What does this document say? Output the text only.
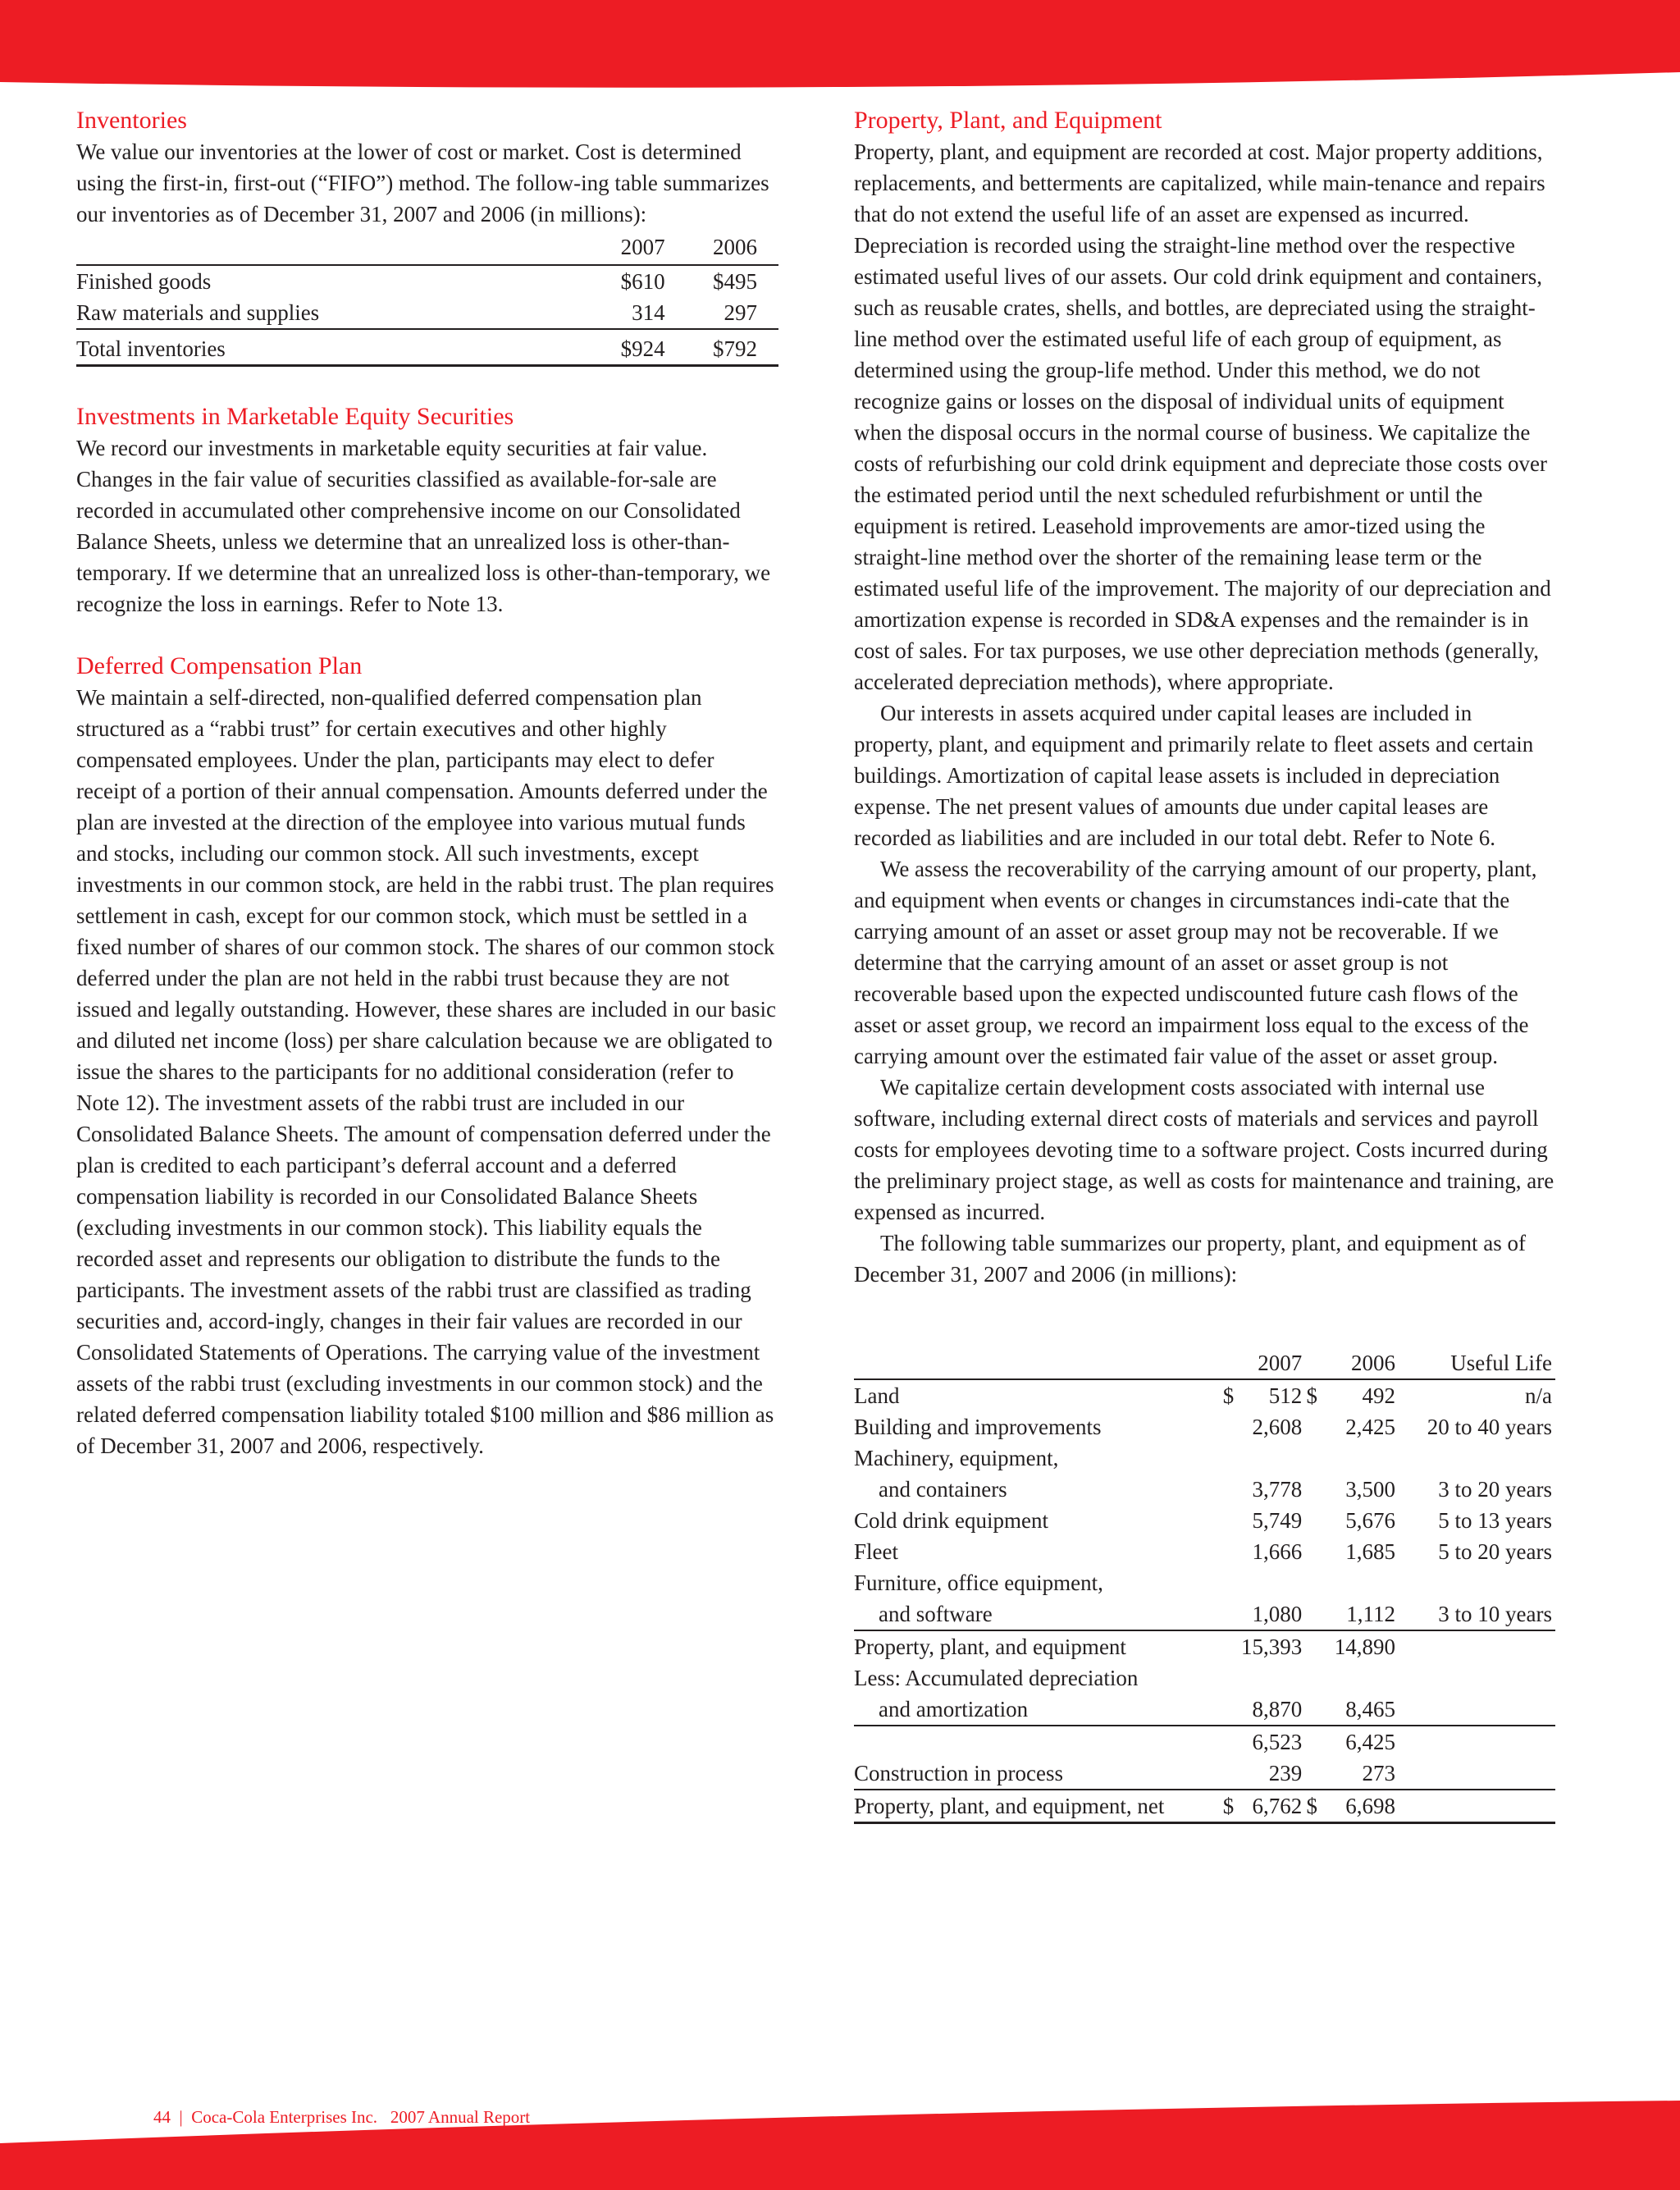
Inventories

We value our inventories at the lower of cost or market. Cost is determined using the first-in, first-out (“FIFO”) method. The follow-ing table summarizes our inventories as of December 31, 2007 and 2006 (in millions):

	2007	2006
Finished goods	$610	$495
Raw materials and supplies	314	297
Total inventories	$924	$792
Investments in Marketable Equity Securities

We record our investments in marketable equity securities at fair value. Changes in the fair value of securities classified as available-for-sale are recorded in accumulated other comprehensive income on our Consolidated Balance Sheets, unless we determine that an unrealized loss is other-than-temporary. If we determine that an unrealized loss is other-than-temporary, we recognize the loss in earnings. Refer to Note 13.

Deferred Compensation Plan

We maintain a self-directed, non-qualified deferred compensation plan structured as a “rabbi trust” for certain executives and other highly compensated employees. Under the plan, participants may elect to defer receipt of a portion of their annual compensation. Amounts deferred under the plan are invested at the direction of the employee into various mutual funds and stocks, including our common stock. All such investments, except investments in our common stock, are held in the rabbi trust. The plan requires settlement in cash, except for our common stock, which must be settled in a fixed number of shares of our common stock. The shares of our common stock deferred under the plan are not held in the rabbi trust because they are not issued and legally outstanding. However, these shares are included in our basic and diluted net income (loss) per share calculation because we are obligated to issue the shares to the participants for no additional consideration (refer to Note 12). The investment assets of the rabbi trust are included in our Consolidated Balance Sheets. The amount of compensation deferred under the plan is credited to each participant’s deferral account and a deferred compensation liability is recorded in our Consolidated Balance Sheets (excluding investments in our common stock). This liability equals the recorded asset and represents our obligation to distribute the funds to the participants. The investment assets of the rabbi trust are classified as trading securities and, accord-ingly, changes in their fair values are recorded in our Consolidated Statements of Operations. The carrying value of the investment assets of the rabbi trust (excluding investments in our common stock) and the related deferred compensation liability totaled $100 million and $86 million as of December 31, 2007 and 2006, respectively.

Property, Plant, and Equipment

Property, plant, and equipment are recorded at cost. Major property additions, replacements, and betterments are capitalized, while main-tenance and repairs that do not extend the useful life of an asset are expensed as incurred. Depreciation is recorded using the straight-line method over the respective estimated useful lives of our assets. Our cold drink equipment and containers, such as reusable crates, shells, and bottles, are depreciated using the straight-line method over the estimated useful life of each group of equipment, as determined using the group-life method. Under this method, we do not recognize gains or losses on the disposal of individual units of equipment when the disposal occurs in the normal course of business. We capitalize the costs of refurbishing our cold drink equipment and depreciate those costs over the estimated period until the next scheduled refurbishment or until the equipment is retired. Leasehold improvements are amor-tized using the straight-line method over the shorter of the remaining lease term or the estimated useful life of the improvement. The majority of our depreciation and amortization expense is recorded in SD&A expenses and the remainder is in cost of sales. For tax purposes, we use other depreciation methods (generally, accelerated depreciation methods), where appropriate.

Our interests in assets acquired under capital leases are included in property, plant, and equipment and primarily relate to fleet assets and certain buildings. Amortization of capital lease assets is included in depreciation expense. The net present values of amounts due under capital leases are recorded as liabilities and are included in our total debt. Refer to Note 6.

We assess the recoverability of the carrying amount of our property, plant, and equipment when events or changes in circumstances indi-cate that the carrying amount of an asset or asset group may not be recoverable. If we determine that the carrying amount of an asset or asset group is not recoverable based upon the expected undiscounted future cash flows of the asset or asset group, we record an impairment loss equal to the excess of the carrying amount over the estimated fair value of the asset or asset group.

We capitalize certain development costs associated with internal use software, including external direct costs of materials and services and payroll costs for employees devoting time to a software project. Costs incurred during the preliminary project stage, as well as costs for maintenance and training, are expensed as incurred.

The following table summarizes our property, plant, and equipment as of December 31, 2007 and 2006 (in millions):

		2007		2006	Useful Life
Land	$	512	$	492	n/a
Building and improvements		2,608		2,425	20 to 40 years
Machinery, equipment,					
and containers		3,778		3,500	3 to 20 years
Cold drink equipment		5,749		5,676	5 to 13 years
Fleet		1,666		1,685	5 to 20 years
Furniture, office equipment,					
and software		1,080		1,112	3 to 10 years
Property, plant, and equipment		15,393		14,890	
Less: Accumulated depreciation					
and amortization		8,870		8,465	
		6,523		6,425	
Construction in process		239		273	
Property, plant, and equipment, net	$	6,762	$	6,698	
44 | Coca-Cola Enterprises Inc. 2007 Annual Report
